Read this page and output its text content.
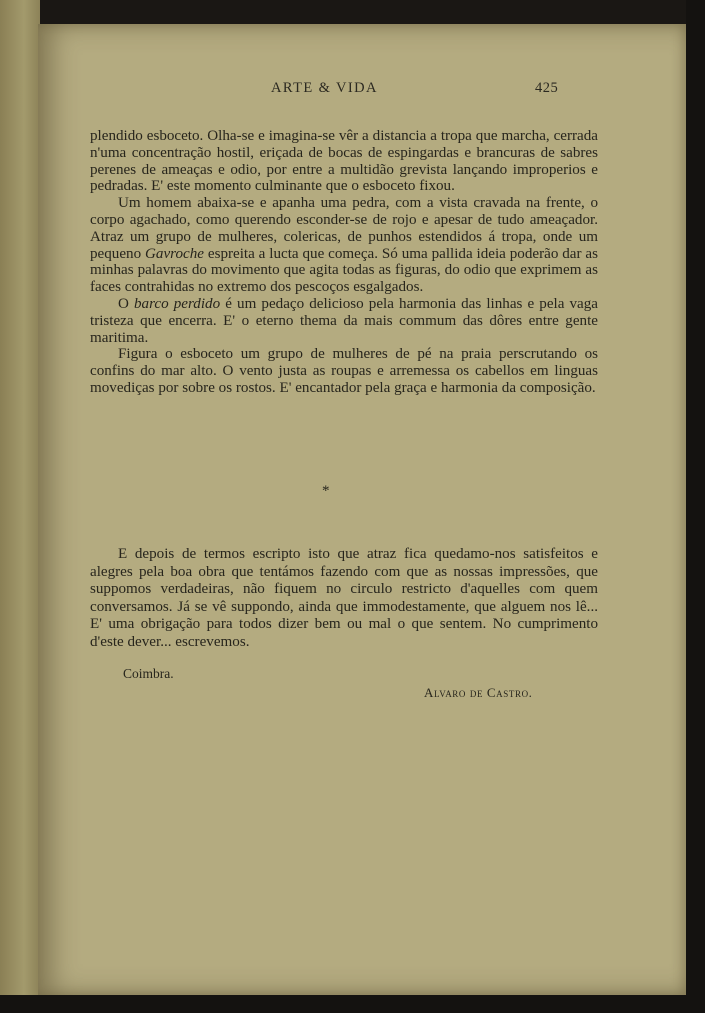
ARTE & VIDA	425

plendido esboceto. Olha-se e imagina-se vêr a distancia a tropa que marcha, cerrada n'uma concentração hostil, eriçada de bocas de espingardas e brancuras de sabres perenes de ameaças e odio, por entre a multidão grevista lançando improperios e pedradas. E' este momento culminante que o esboceto fixou.

Um homem abaixa-se e apanha uma pedra, com a vista cravada na frente, o corpo agachado, como querendo esconder-se de rojo e apesar de tudo ameaçador. Atraz um grupo de mulheres, colericas, de punhos estendidos á tropa, onde um pequeno Gavroche espreita a lucta que começa. Só uma pallida ideia poderão dar as minhas palavras do movimento que agita todas as figuras, do odio que exprimem as faces contrahidas no extremo dos pescoços esgalgados.

O barco perdido é um pedaço delicioso pela harmonia das linhas e pela vaga tristeza que encerra. E' o eterno thema da mais commum das dôres entre gente maritima.

Figura o esboceto um grupo de mulheres de pé na praia perscrutando os confins do mar alto. O vento justa as roupas e arremessa os cabellos em linguas movediças por sobre os rostos. E' encantador pela graça e harmonia da composição.

*

E depois de termos escripto isto que atraz fica quedamo-nos satisfeitos e alegres pela boa obra que tentámos fazendo com que as nossas impressões, que suppomos verdadeiras, não fiquem no circulo restricto d'aquelles com quem conversamos. Já se vê suppondo, ainda que immodestamente, que alguem nos lê... E' uma obrigação para todos dizer bem ou mal o que sentem. No cumprimento d'este dever... escrevemos.

Coimbra.
Alvaro de Castro.
